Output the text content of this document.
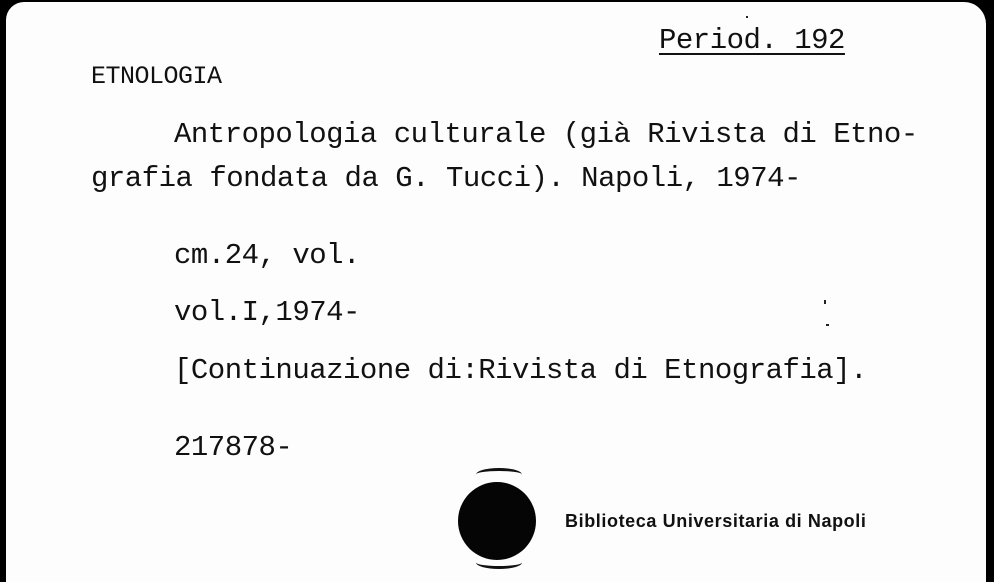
Period. 192
ETNOLOGIA
Antropologia culturale (già Rivista di Etno-
grafia fondata da G. Tucci). Napoli, 1974-
cm.24, vol.
vol.I,1974-
[Continuazione di:Rivista di Etnografia].
217878-
Biblioteca Universitaria di Napoli
